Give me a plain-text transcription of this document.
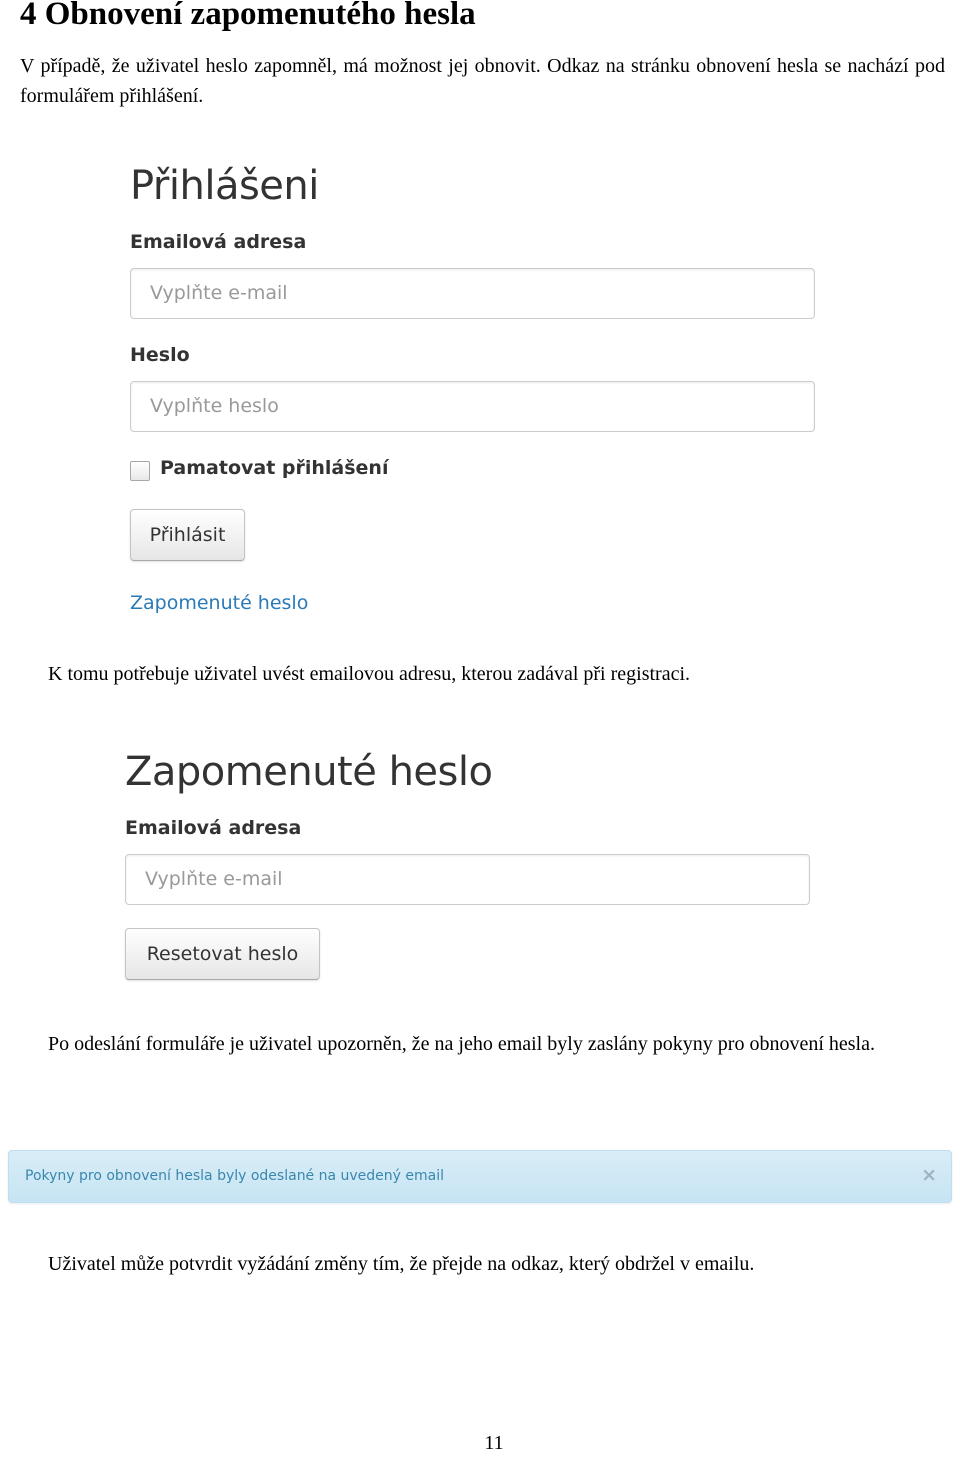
4 Obnovení zapomenutého hesla
V případě, že uživatel heslo zapomněl, má možnost jej obnovit. Odkaz na stránku obnovení hesla se nachází pod formulářem přihlášení.
Přihlášeni
Emailová adresa
Vyplňte e-mail
Heslo
Vyplňte heslo
Pamatovat přihlášení
Přihlásit
Zapomenuté heslo
K tomu potřebuje uživatel uvést emailovou adresu, kterou zadával při registraci.
Zapomenuté heslo
Emailová adresa
Vyplňte e-mail
Resetovat heslo
Po odeslání formuláře je uživatel upozorněn, že na jeho email byly zaslány pokyny pro obnovení hesla.
Pokyny pro obnovení hesla byly odeslané na uvedený email	×
Uživatel může potvrdit vyžádání změny tím, že přejde na odkaz, který obdržel v emailu.
11
